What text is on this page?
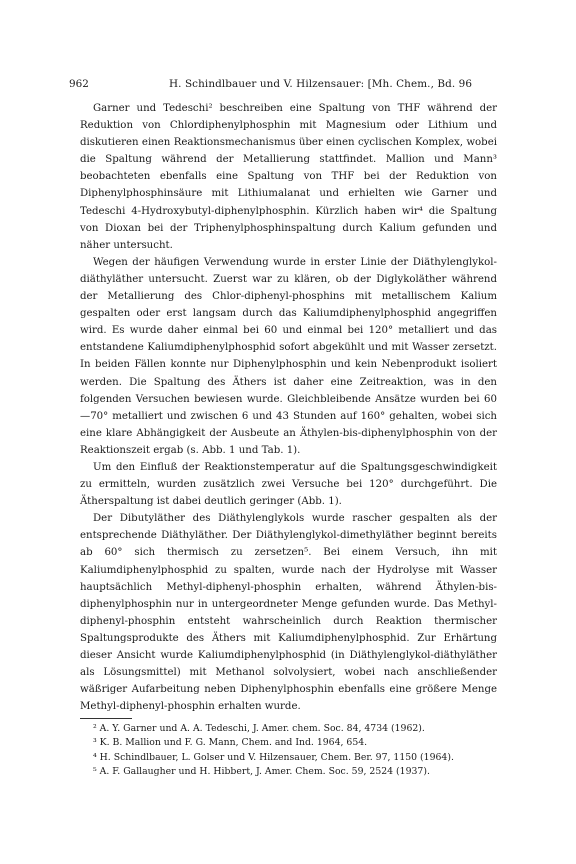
962	H. Schindlbauer und V. Hilzensauer: [Mh. Chem., Bd. 96

Garner und Tedeschi² beschreiben eine Spaltung von THF während der Reduktion von Chlordiphenylphosphin mit Magnesium oder Lithium und diskutieren einen Reaktionsmechanismus über einen cyclischen Komplex, wobei die Spaltung während der Metallierung stattfindet. Mallion und Mann³ beobachteten ebenfalls eine Spaltung von THF bei der Reduktion von Diphenylphosphinsäure mit Lithiumalanat und erhielten wie Garner und Tedeschi 4-Hydroxybutyl-diphenylphosphin. Kürzlich haben wir⁴ die Spaltung von Dioxan bei der Triphenylphosphinspaltung durch Kalium gefunden und näher untersucht.

Wegen der häufigen Verwendung wurde in erster Linie der Diäthylenglykol-diäthyläther untersucht. Zuerst war zu klären, ob der Diglykoläther während der Metallierung des Chlor-diphenyl-phosphins mit metallischem Kalium gespalten oder erst langsam durch das Kaliumdiphenylphosphid angegriffen wird. Es wurde daher einmal bei 60 und einmal bei 120° metalliert und das entstandene Kaliumdiphenylphosphid sofort abgekühlt und mit Wasser zersetzt. In beiden Fällen konnte nur Diphenylphosphin und kein Nebenprodukt isoliert werden. Die Spaltung des Äthers ist daher eine Zeitreaktion, was in den folgenden Versuchen bewiesen wurde. Gleichbleibende Ansätze wurden bei 60—70° metalliert und zwischen 6 und 43 Stunden auf 160° gehalten, wobei sich eine klare Abhängigkeit der Ausbeute an Äthylen-bis-diphenylphosphin von der Reaktionszeit ergab (s. Abb. 1 und Tab. 1).

Um den Einfluß der Reaktionstemperatur auf die Spaltungsgeschwindigkeit zu ermitteln, wurden zusätzlich zwei Versuche bei 120° durchgeführt. Die Ätherspaltung ist dabei deutlich geringer (Abb. 1).

Der Dibutyläther des Diäthylenglykols wurde rascher gespalten als der entsprechende Diäthyläther. Der Diäthylenglykol-dimethyläther beginnt bereits ab 60° sich thermisch zu zersetzen⁵. Bei einem Versuch, ihn mit Kaliumdiphenylphosphid zu spalten, wurde nach der Hydrolyse mit Wasser hauptsächlich Methyl-diphenyl-phosphin erhalten, während Äthylen-bis-diphenylphosphin nur in untergeordneter Menge gefunden wurde. Das Methyl-diphenyl-phosphin entsteht wahrscheinlich durch Reaktion thermischer Spaltungsprodukte des Äthers mit Kaliumdiphenylphosphid. Zur Erhärtung dieser Ansicht wurde Kaliumdiphenylphosphid (in Diäthylenglykol-diäthyläther als Lösungsmittel) mit Methanol solvolysiert, wobei nach anschließender wäßriger Aufarbeitung neben Diphenylphosphin ebenfalls eine größere Menge Methyl-diphenyl-phosphin erhalten wurde.

² A. Y. Garner und A. A. Tedeschi, J. Amer. chem. Soc. 84, 4734 (1962).
³ K. B. Mallion und F. G. Mann, Chem. and Ind. 1964, 654.
⁴ H. Schindlbauer, L. Golser und V. Hilzensauer, Chem. Ber. 97, 1150 (1964).
⁵ A. F. Gallaugher und H. Hibbert, J. Amer. Chem. Soc. 59, 2524 (1937).
